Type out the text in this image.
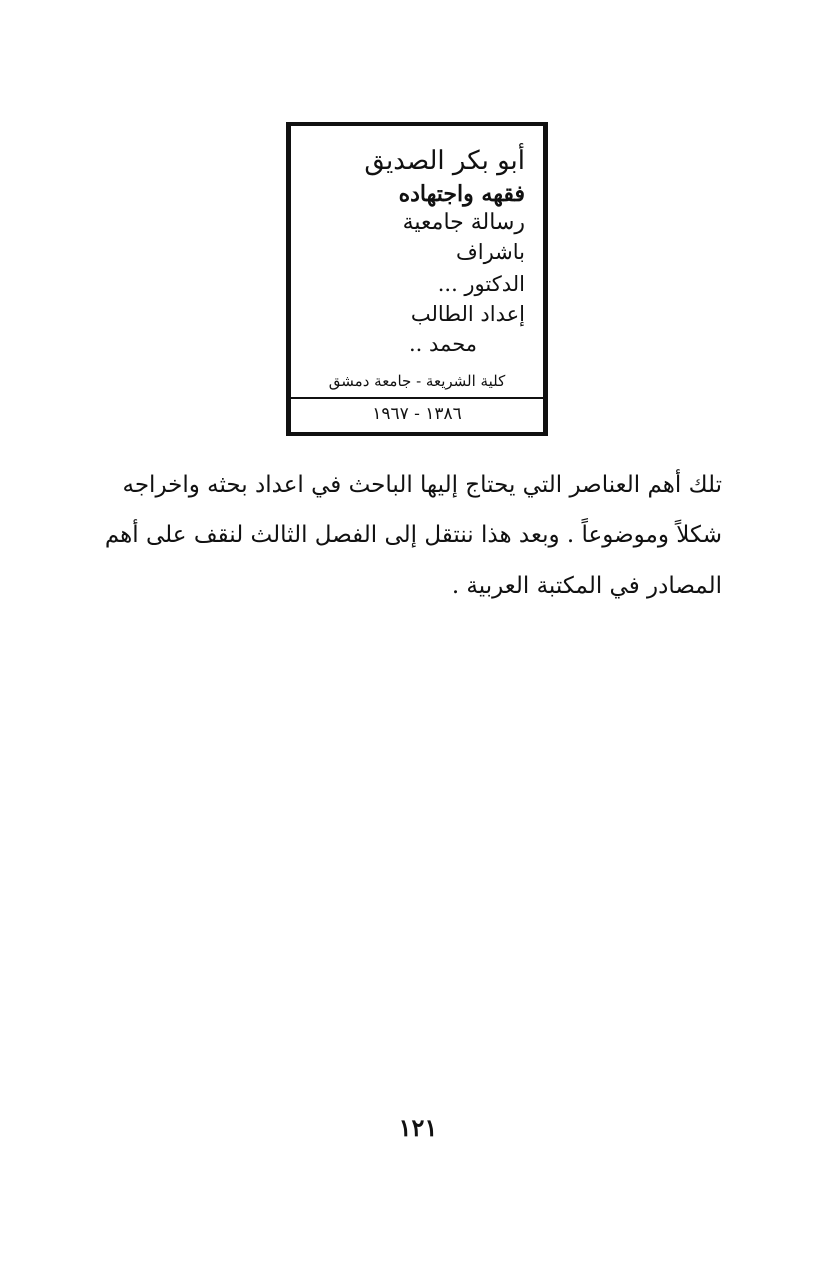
أبو بكر الصديق
فقهه واجتهاده
رسالة جامعية
باشراف
الدكتور ...
إعداد الطالب
محمد ..
كلية الشريعة - جامعة دمشق
١٣٨٦ - ١٩٦٧
تلك أهم العناصر التي يحتاج إليها الباحث في اعداد بحثه واخراجه
شكلاً وموضوعاً . وبعد هذا ننتقل إلى الفصل الثالث لنقف على أهم
المصادر في المكتبة العربية .
١٢١
